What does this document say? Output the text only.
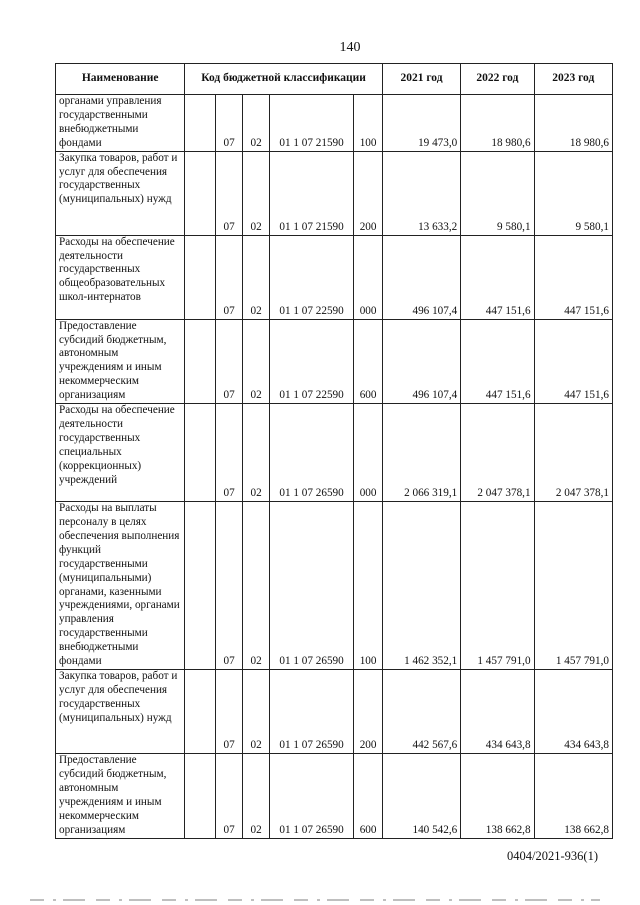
140
Наименование	Код бюджетной классификации					2021 год	2022 год	2023 год
органами управления государственными внебюджетными фондами		07	02	01 1 07 21590	100	19 473,0	18 980,6	18 980,6
Закупка товаров, работ и услуг для обеспечения государственных (муниципальных) нужд		07	02	01 1 07 21590	200	13 633,2	9 580,1	9 580,1
Расходы на обеспечение деятельности государственных общеобразовательных школ-интернатов		07	02	01 1 07 22590	000	496 107,4	447 151,6	447 151,6
Предоставление субсидий бюджетным, автономным учреждениям и иным некоммерческим организациям		07	02	01 1 07 22590	600	496 107,4	447 151,6	447 151,6
Расходы на обеспечение деятельности государственных специальных (коррекционных) учреждений		07	02	01 1 07 26590	000	2 066 319,1	2 047 378,1	2 047 378,1
Расходы на выплаты персоналу в целях обеспечения выполнения функций государственными (муниципальными) органами, казенными учреждениями, органами управления государственными внебюджетными фондами		07	02	01 1 07 26590	100	1 462 352,1	1 457 791,0	1 457 791,0
Закупка товаров, работ и услуг для обеспечения государственных (муниципальных) нужд		07	02	01 1 07 26590	200	442 567,6	434 643,8	434 643,8
Предоставление субсидий бюджетным, автономным учреждениям и иным некоммерческим организациям		07	02	01 1 07 26590	600	140 542,6	138 662,8	138 662,8
0404/2021-936(1)
